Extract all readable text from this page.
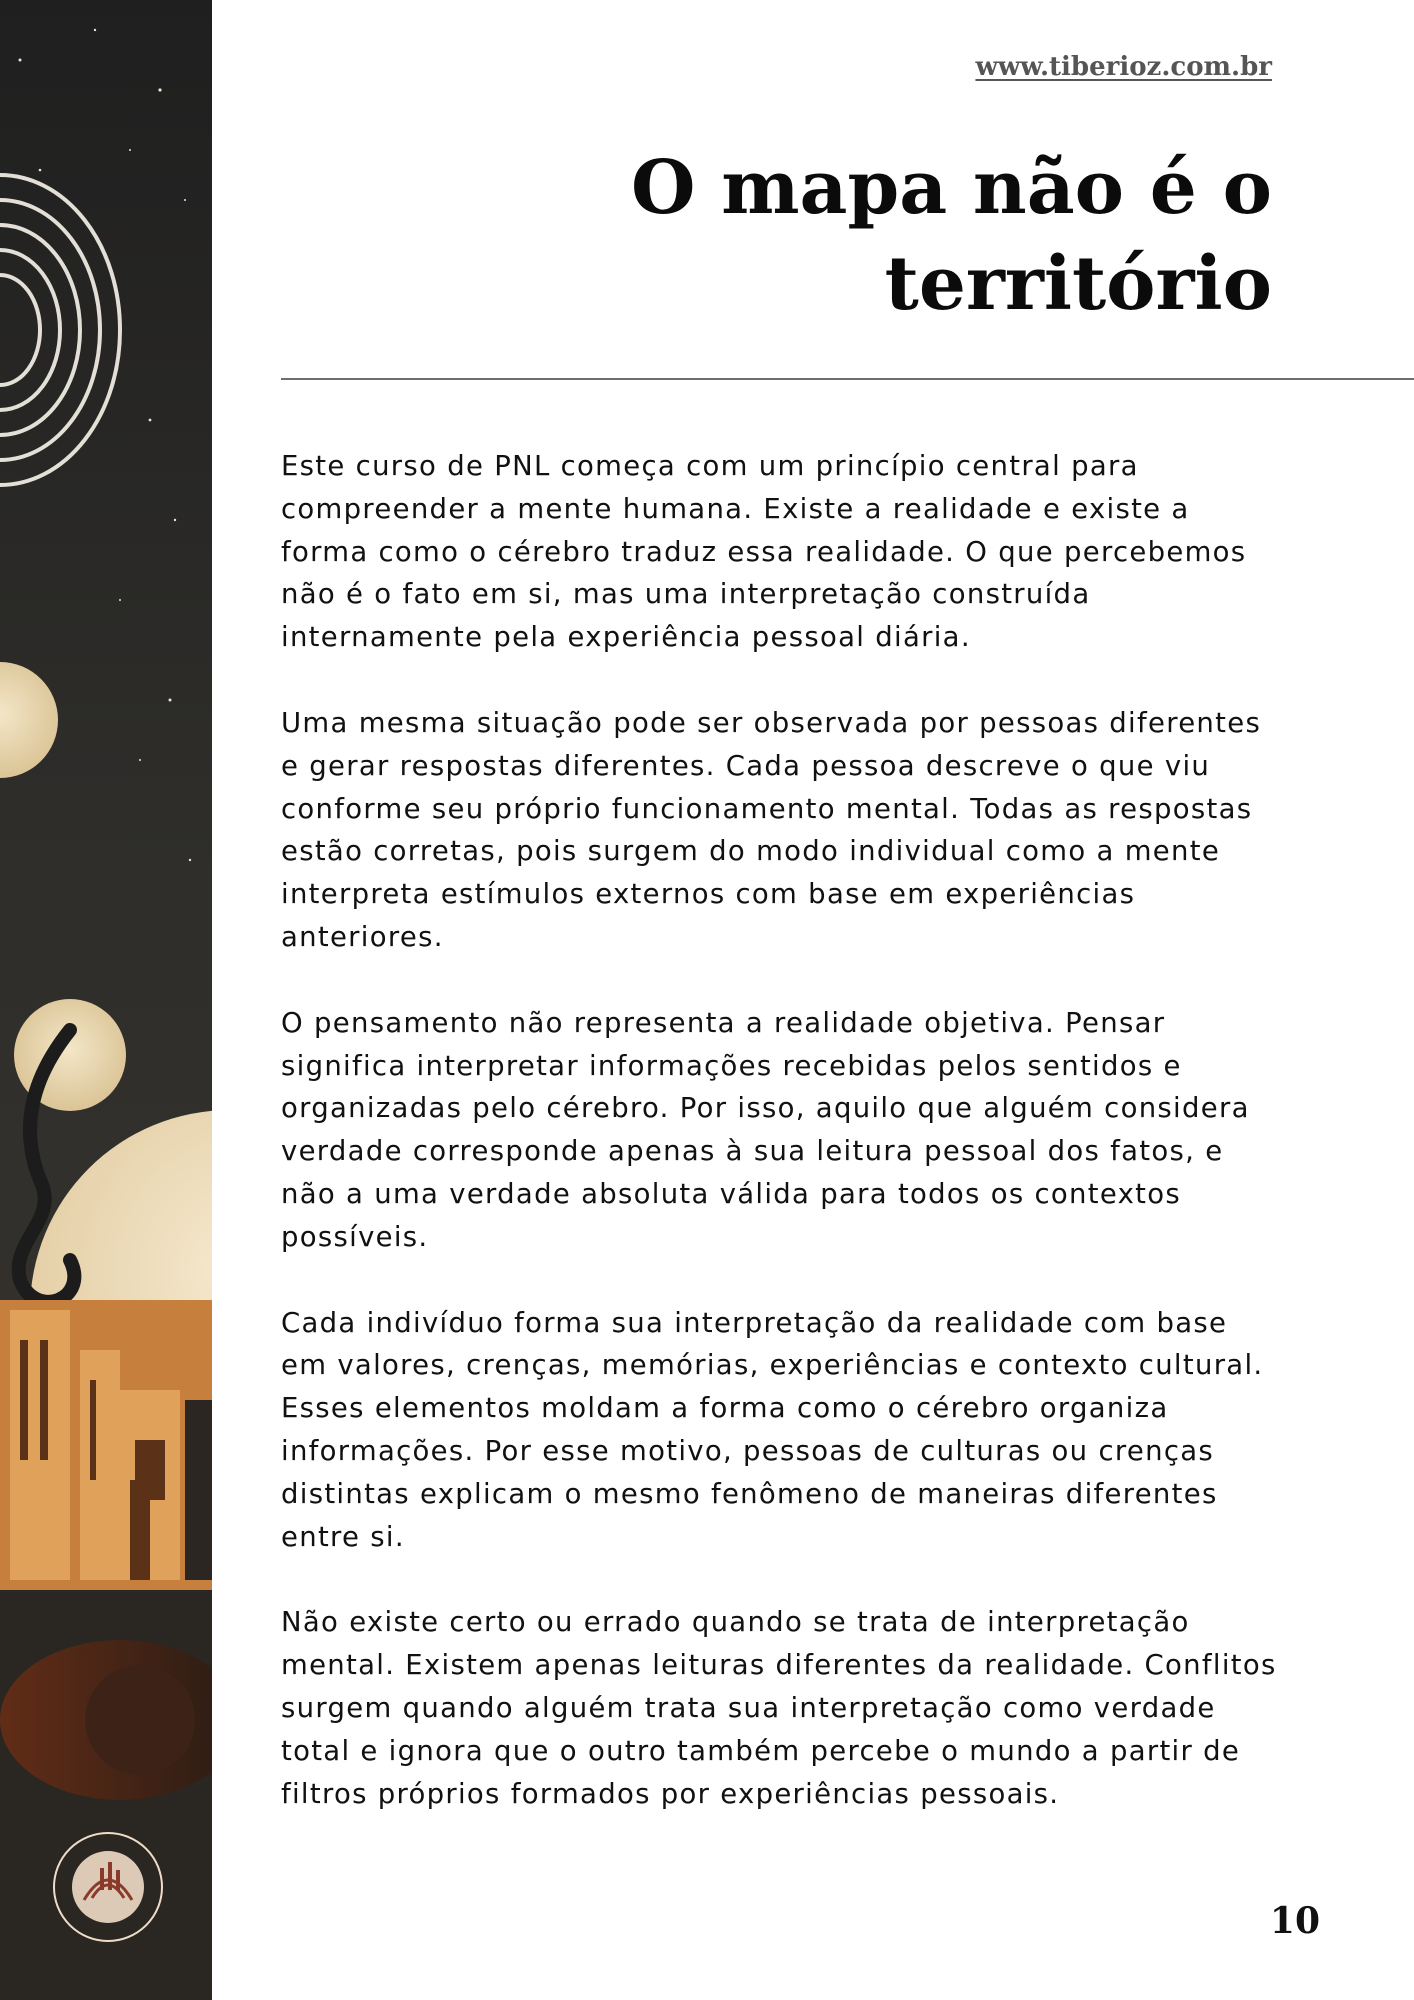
www.tiberioz.com.br
O mapa não é o
território

Este curso de PNL começa com um princípio central para compreender a mente humana. Existe a realidade e existe a forma como o cérebro traduz essa realidade. O que percebemos não é o fato em si, mas uma interpretação construída internamente pela experiência pessoal diária.

Uma mesma situação pode ser observada por pessoas diferentes e gerar respostas diferentes. Cada pessoa descreve o que viu conforme seu próprio funcionamento mental. Todas as respostas estão corretas, pois surgem do modo individual como a mente interpreta estímulos externos com base em experiências anteriores.

O pensamento não representa a realidade objetiva. Pensar significa interpretar informações recebidas pelos sentidos e organizadas pelo cérebro. Por isso, aquilo que alguém considera verdade corresponde apenas à sua leitura pessoal dos fatos, e não a uma verdade absoluta válida para todos os contextos possíveis.

Cada indivíduo forma sua interpretação da realidade com base em valores, crenças, memórias, experiências e contexto cultural. Esses elementos moldam a forma como o cérebro organiza informações. Por esse motivo, pessoas de culturas ou crenças distintas explicam o mesmo fenômeno de maneiras diferentes entre si.

Não existe certo ou errado quando se trata de interpretação mental. Existem apenas leituras diferentes da realidade. Conflitos surgem quando alguém trata sua interpretação como verdade total e ignora que o outro também percebe o mundo a partir de filtros próprios formados por experiências pessoais.

10
